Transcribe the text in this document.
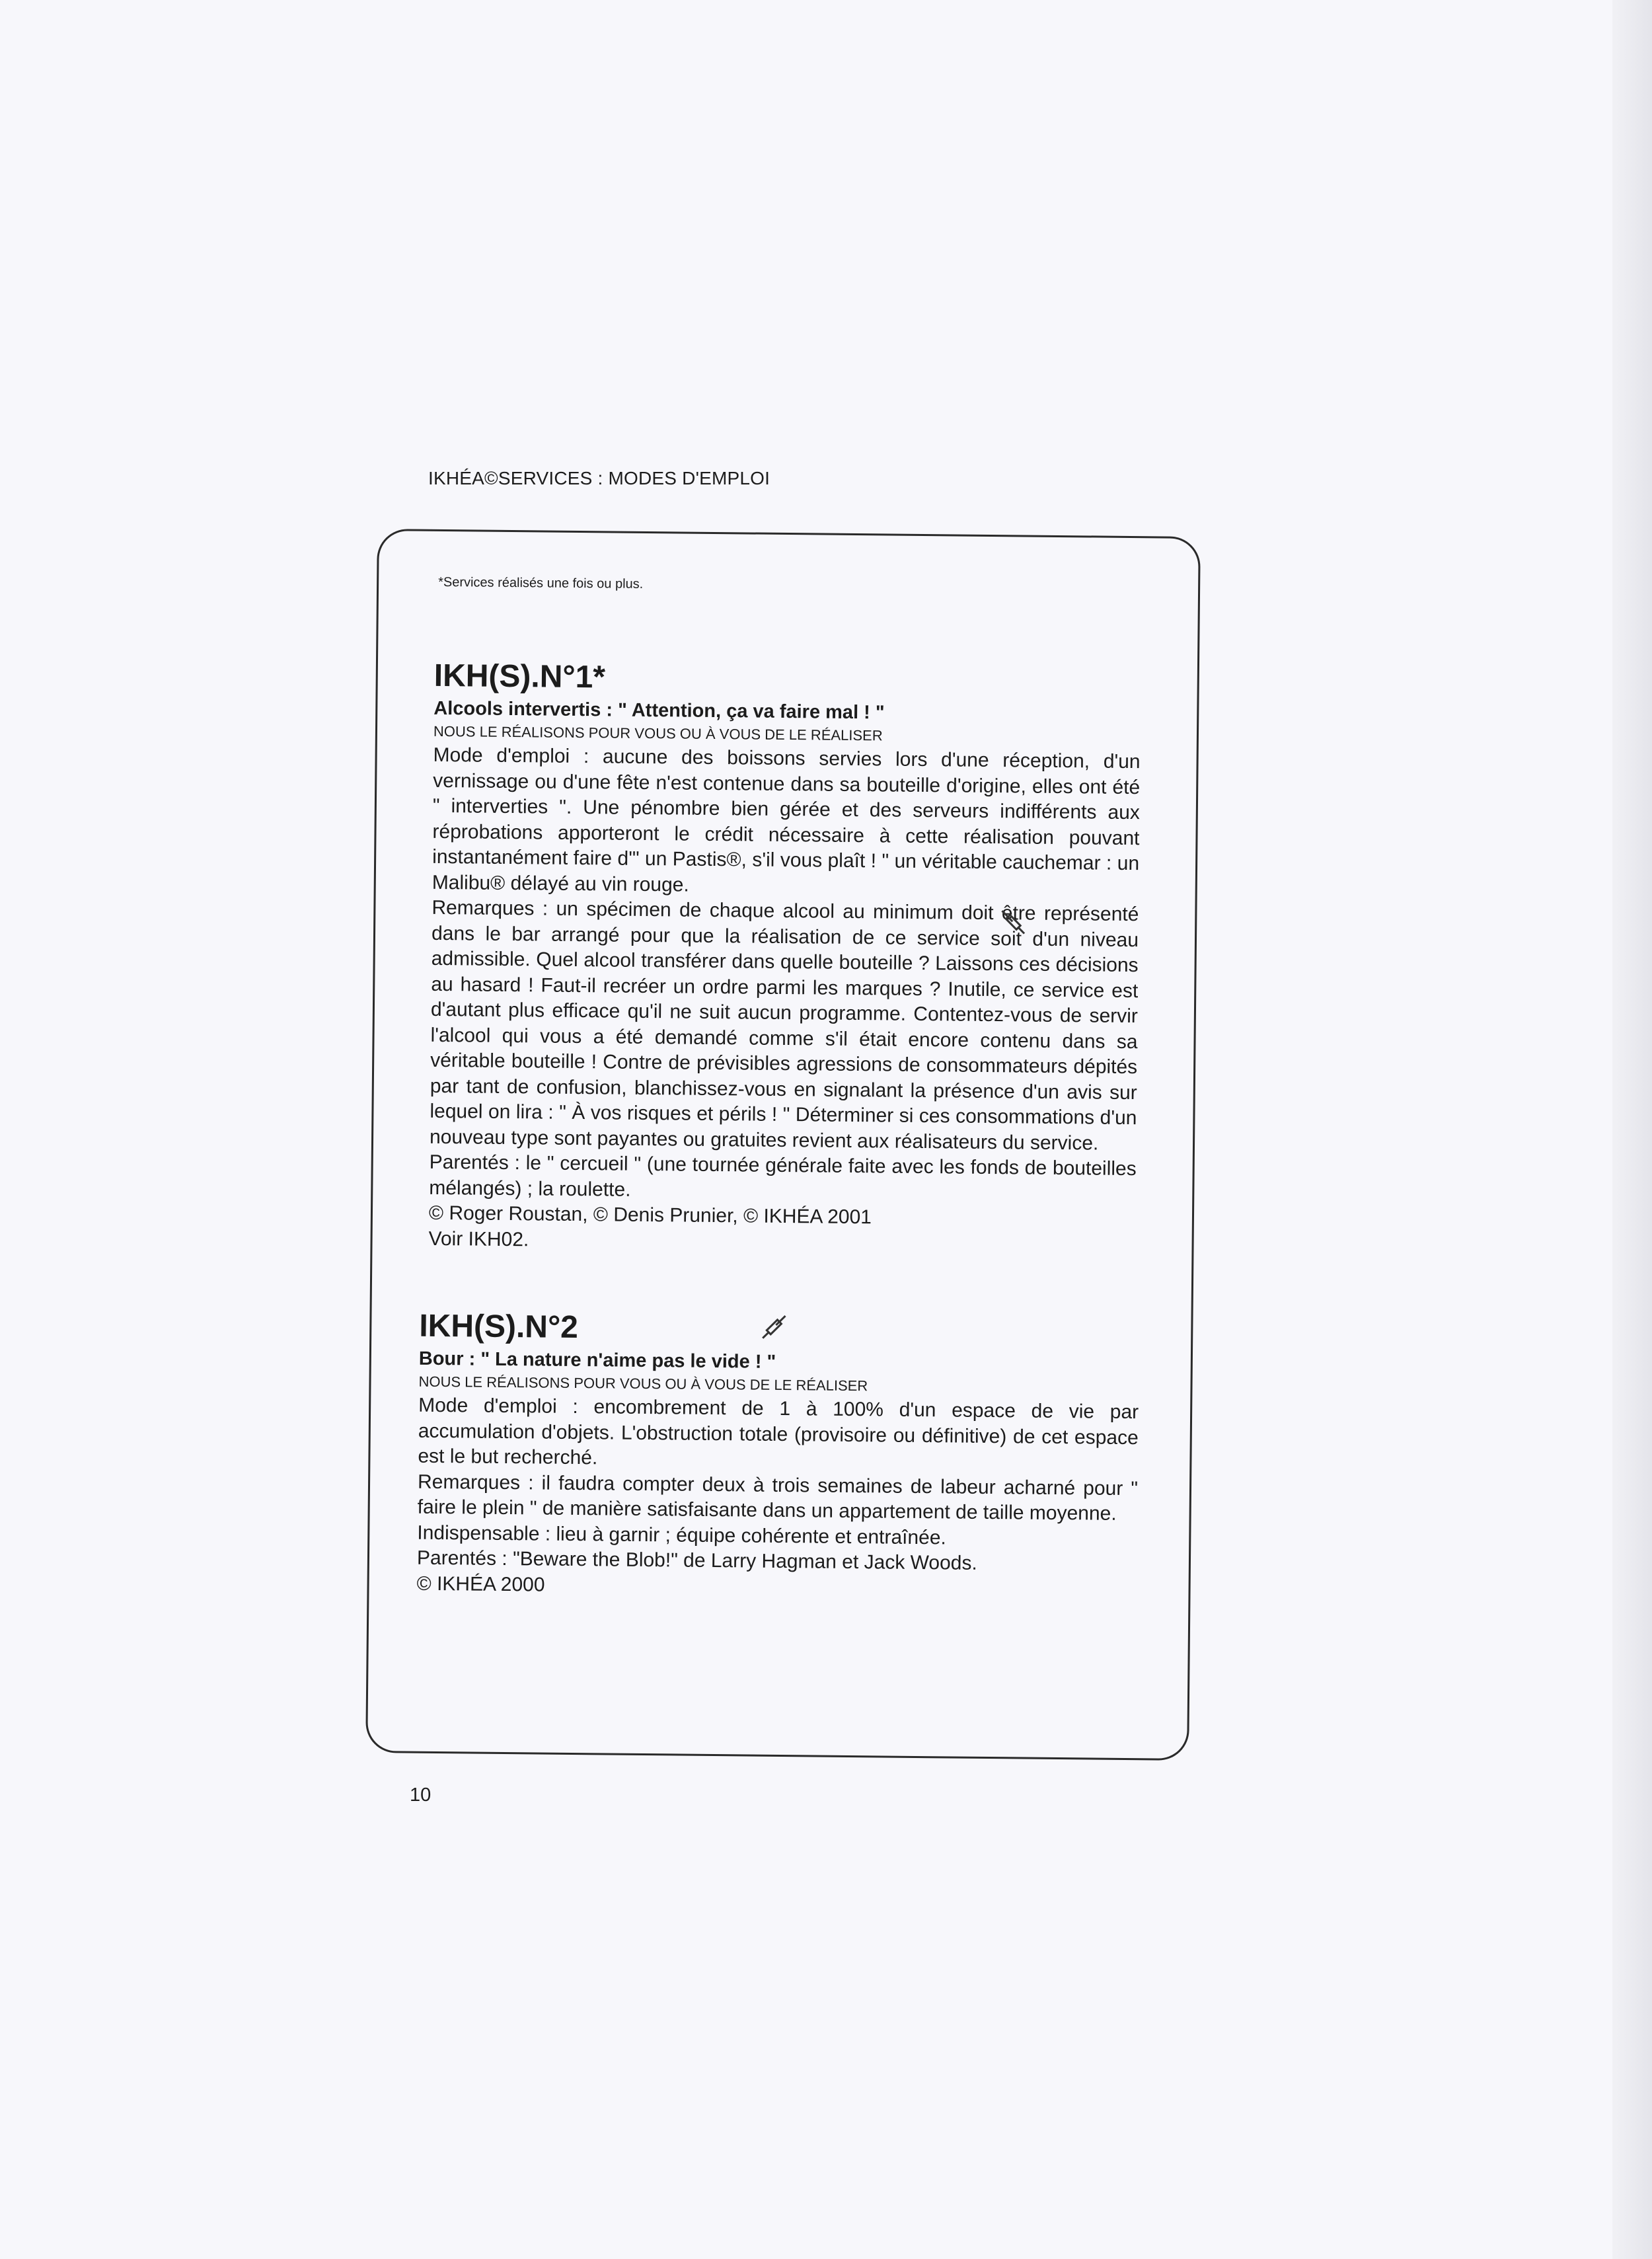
IKHÉA©SERVICES : MODES D'EMPLOI
*Services réalisés une fois ou plus.

IKH(S).N°1*

Alcools intervertis : " Attention, ça va faire mal ! "

NOUS LE RÉALISONS POUR VOUS OU À VOUS DE LE RÉALISER

Mode d'emploi : aucune des boissons servies lors d'une réception, d'un vernissage ou d'une fête n'est contenue dans sa bouteille d'origine, elles ont été " interverties ". Une pénombre bien gérée et des serveurs indifférents aux réprobations apporteront le crédit nécessaire à cette réalisation pouvant instantanément faire d'" un Pastis®, s'il vous plaît ! " un véritable cauchemar : un Malibu® délayé au vin rouge.

Remarques : un spécimen de chaque alcool au minimum doit être représenté dans le bar arrangé pour que la réalisation de ce service soit d'un niveau admissible. Quel alcool transférer dans quelle bouteille ? Laissons ces décisions au hasard ! Faut-il recréer un ordre parmi les marques ? Inutile, ce service est d'autant plus efficace qu'il ne suit aucun programme. Contentez-vous de servir l'alcool qui vous a été demandé comme s'il était encore contenu dans sa véritable bouteille ! Contre de prévisibles agressions de consommateurs dépités par tant de confusion, blanchissez-vous en signalant la présence d'un avis sur lequel on lira : " À vos risques et périls ! " Déterminer si ces consommations d'un nouveau type sont payantes ou gratuites revient aux réalisateurs du service.

Parentés : le " cercueil " (une tournée générale faite avec les fonds de bouteilles mélangés) ; la roulette.

© Roger Roustan, © Denis Prunier, © IKHÉA 2001

Voir IKH02.

IKH(S).N°2

Bour : " La nature n'aime pas le vide ! "

NOUS LE RÉALISONS POUR VOUS OU À VOUS DE LE RÉALISER

Mode d'emploi : encombrement de 1 à 100% d'un espace de vie par accumulation d'objets. L'obstruction totale (provisoire ou définitive) de cet espace est le but recherché.

Remarques : il faudra compter deux à trois semaines de labeur acharné pour " faire le plein " de manière satisfaisante dans un appartement de taille moyenne.

Indispensable : lieu à garnir ; équipe cohérente et entraînée.

Parentés : "Beware the Blob!" de Larry Hagman et Jack Woods.

© IKHÉA 2000

10
